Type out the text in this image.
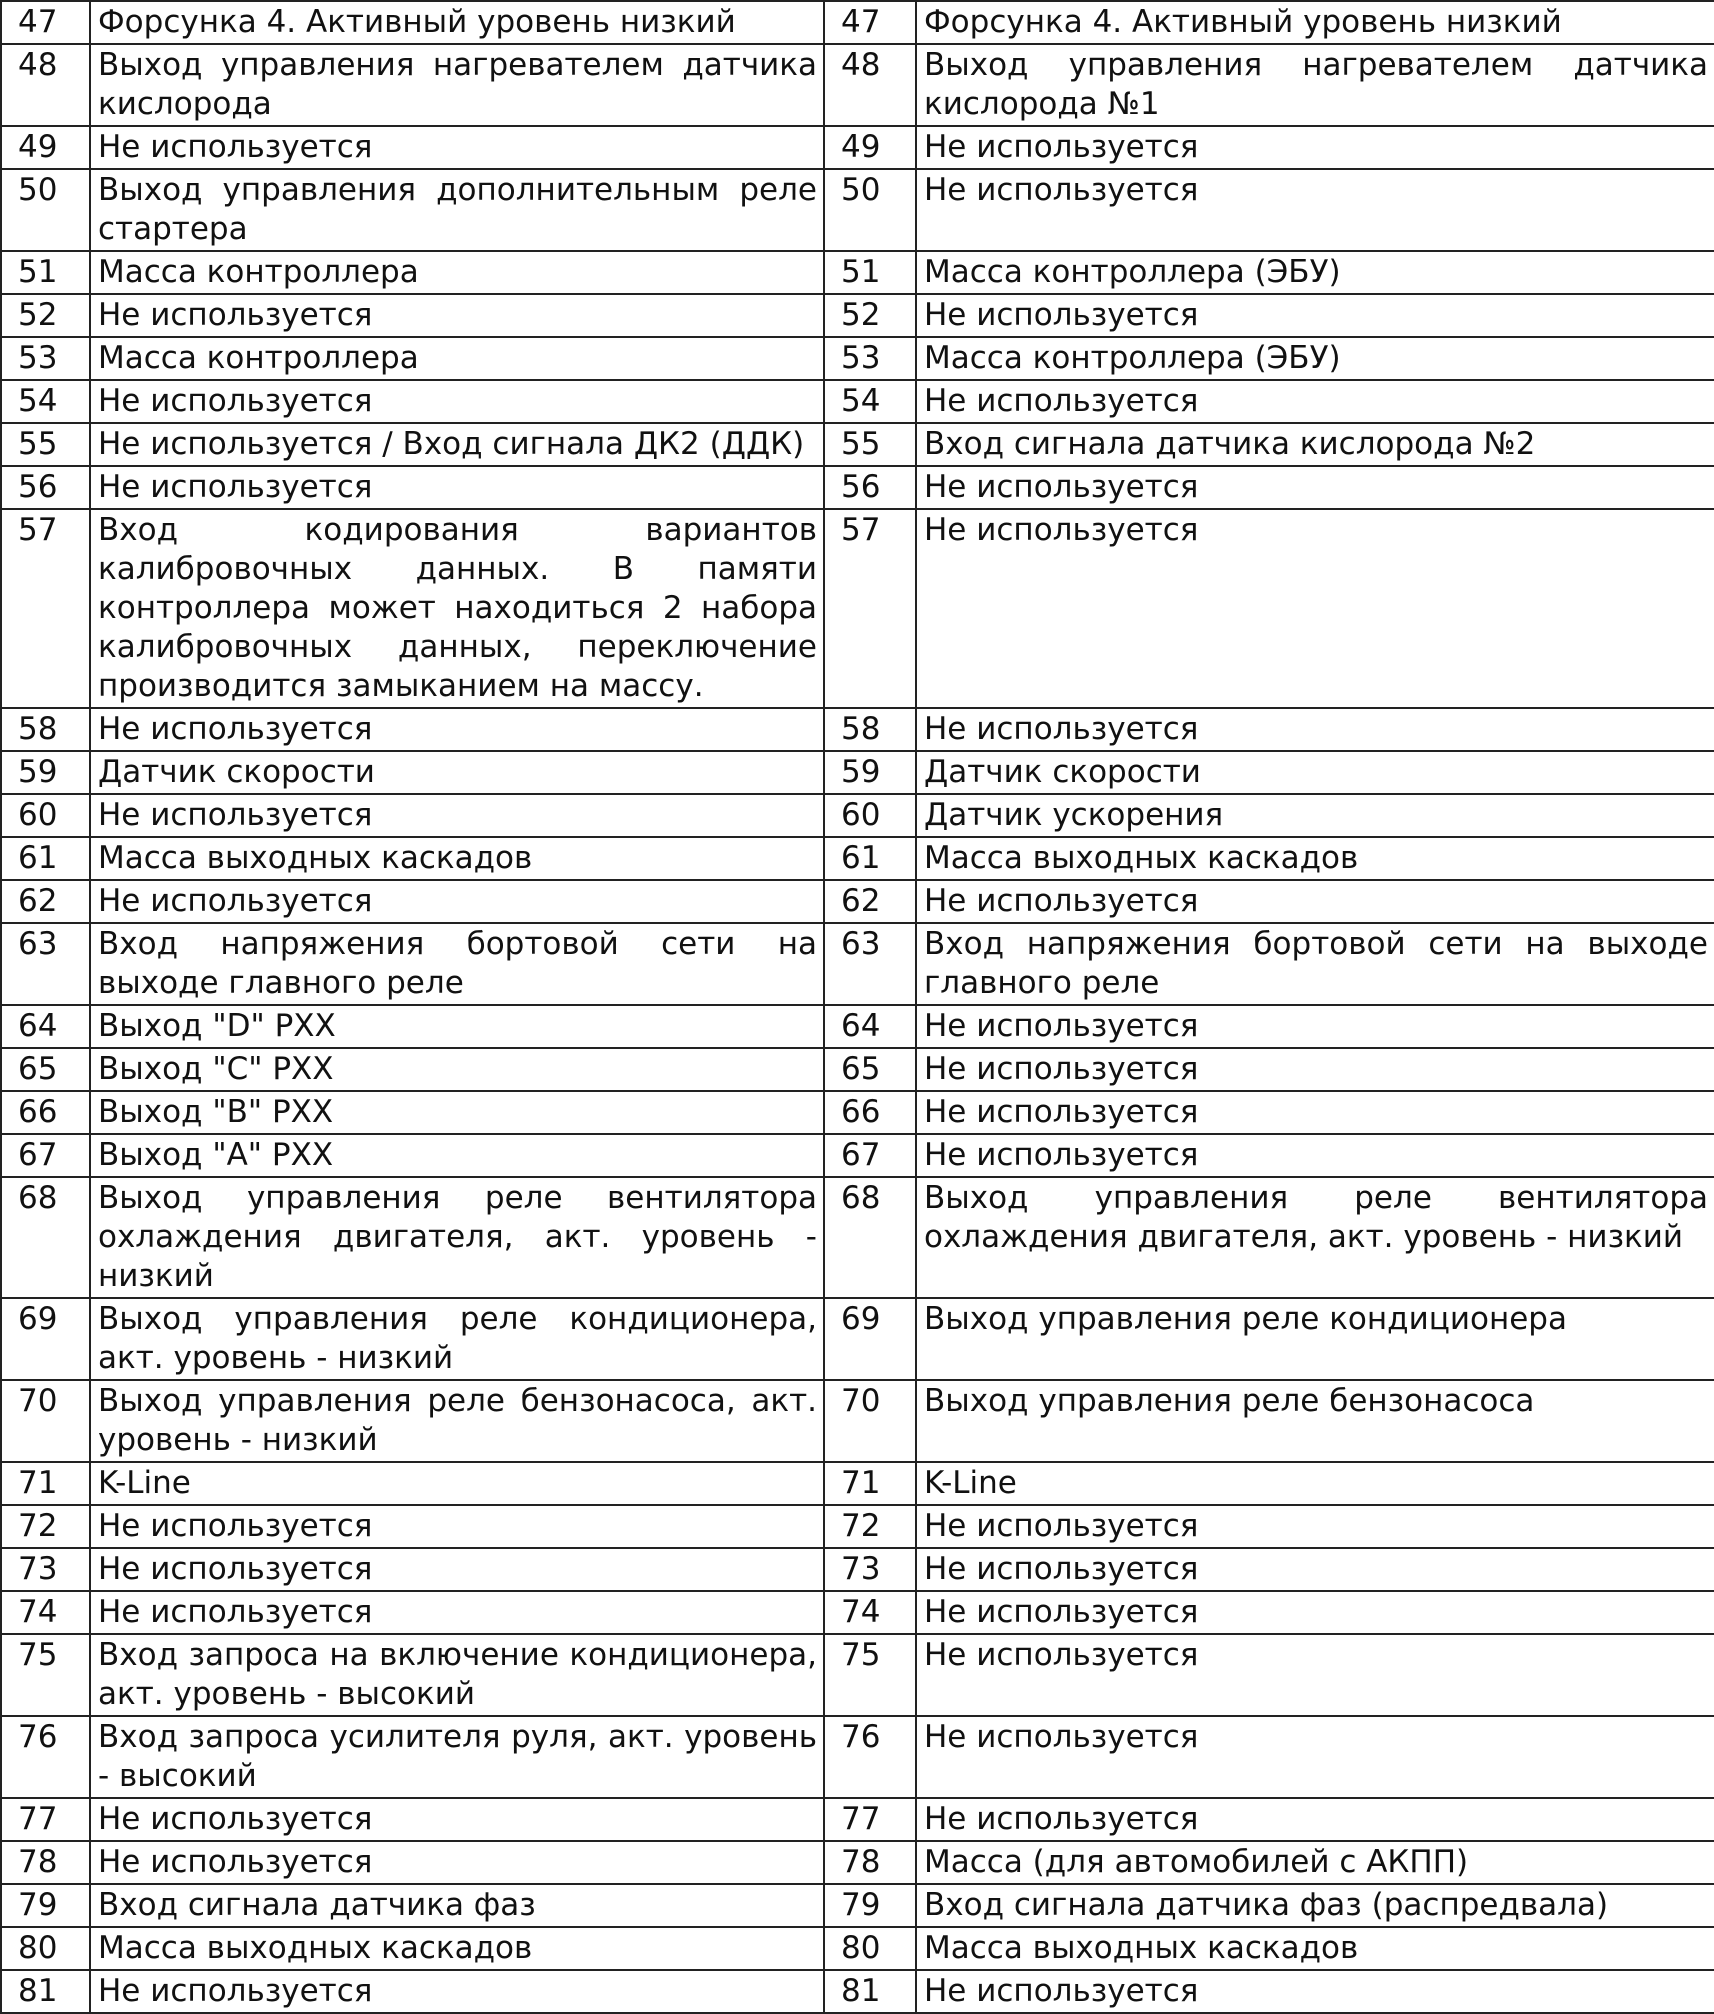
47	Форсунка 4. Активный уровень низкий	47	Форсунка 4. Активный уровень низкий
48	Выход управления нагревателем датчика кислорода	48	Выход управления нагревателем датчика кислорода №1
49	Не используется	49	Не используется
50	Выход управления дополнительным реле стартера	50	Не используется
51	Масса контроллера	51	Масса контроллера (ЭБУ)
52	Не используется	52	Не используется
53	Масса контроллера	53	Масса контроллера (ЭБУ)
54	Не используется	54	Не используется
55	Не используется / Вход сигнала ДК2 (ДДК)	55	Вход сигнала датчика кислорода №2
56	Не используется	56	Не используется
57	Вход кодирования вариантов калибровочных данных. В памяти контроллера может находиться 2 набора калибровочных данных, переключение производится замыканием на массу.	57	Не используется
58	Не используется	58	Не используется
59	Датчик скорости	59	Датчик скорости
60	Не используется	60	Датчик ускорения
61	Масса выходных каскадов	61	Масса выходных каскадов
62	Не используется	62	Не используется
63	Вход напряжения бортовой сети на выходе главного реле	63	Вход напряжения бортовой сети на выходе главного реле
64	Выход "D" РХХ	64	Не используется
65	Выход "C" РХХ	65	Не используется
66	Выход "B" РХХ	66	Не используется
67	Выход "A" РХХ	67	Не используется
68	Выход управления реле вентилятора охлаждения двигателя, акт. уровень - низкий	68	Выход управления реле вентилятора охлаждения двигателя, акт. уровень - низкий
69	Выход управления реле кондиционера, акт. уровень - низкий	69	Выход управления реле кондиционера
70	Выход управления реле бензонасоса, акт. уровень - низкий	70	Выход управления реле бензонасоса
71	K-Line	71	K-Line
72	Не используется	72	Не используется
73	Не используется	73	Не используется
74	Не используется	74	Не используется
75	Вход запроса на включение кондиционера, акт. уровень - высокий	75	Не используется
76	Вход запроса усилителя руля, акт. уровень - высокий	76	Не используется
77	Не используется	77	Не используется
78	Не используется	78	Масса (для автомобилей с АКПП)
79	Вход сигнала датчика фаз	79	Вход сигнала датчика фаз (распредвала)
80	Масса выходных каскадов	80	Масса выходных каскадов
81	Не используется	81	Не используется
